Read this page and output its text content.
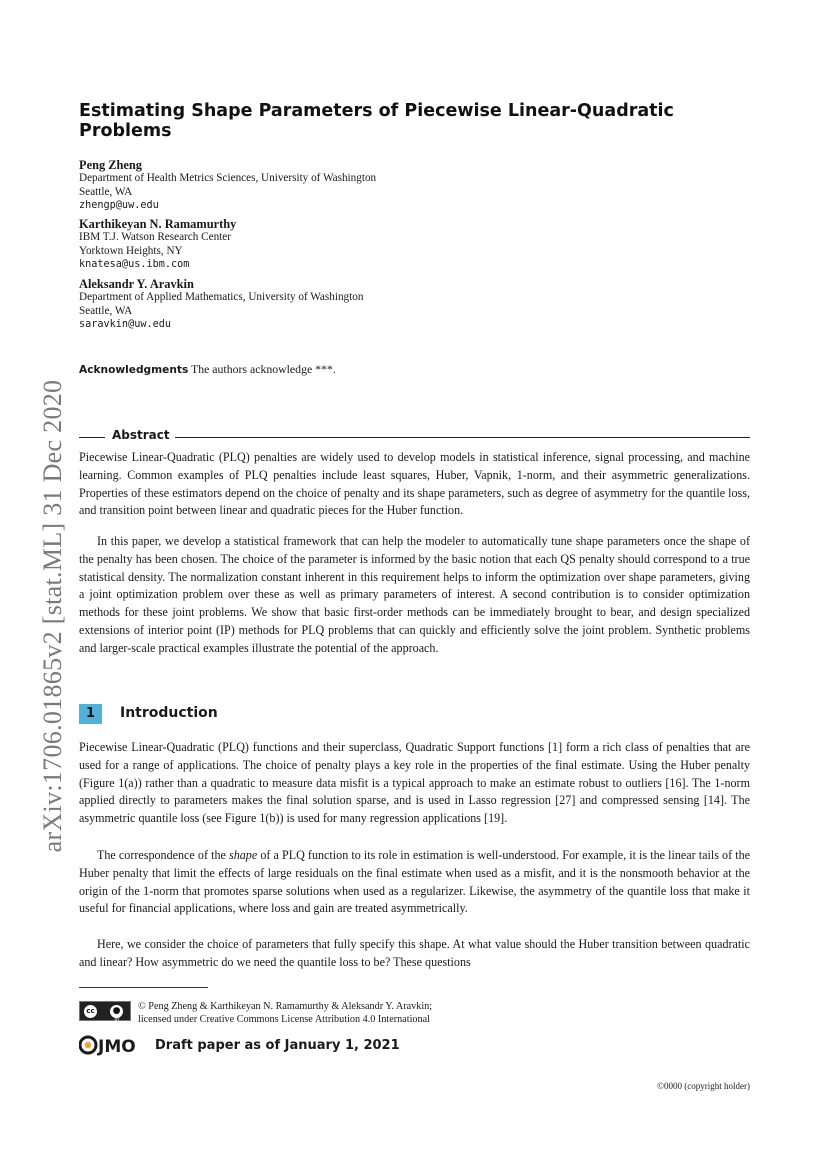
arXiv:1706.01865v2 [stat.ML] 31 Dec 2020
Estimating Shape Parameters of Piecewise Linear-Quadratic Problems
Peng Zheng
Department of Health Metrics Sciences, University of Washington
Seattle, WA
zhengp@uw.edu
Karthikeyan N. Ramamurthy
IBM T.J. Watson Research Center
Yorktown Heights, NY
knatesa@us.ibm.com
Aleksandr Y. Aravkin
Department of Applied Mathematics, University of Washington
Seattle, WA
saravkin@uw.edu
Acknowledgments The authors acknowledge ***.
Abstract
Piecewise Linear-Quadratic (PLQ) penalties are widely used to develop models in statistical inference, signal processing, and machine learning. Common examples of PLQ penalties include least squares, Huber, Vapnik, 1-norm, and their asymmetric generalizations. Properties of these estimators depend on the choice of penalty and its shape parameters, such as degree of asymmetry for the quantile loss, and transition point between linear and quadratic pieces for the Huber function.
In this paper, we develop a statistical framework that can help the modeler to automatically tune shape parameters once the shape of the penalty has been chosen. The choice of the parameter is informed by the basic notion that each QS penalty should correspond to a true statistical density. The normalization constant inherent in this requirement helps to inform the optimization over shape parameters, giving a joint optimization problem over these as well as primary parameters of interest. A second contribution is to consider optimization methods for these joint problems. We show that basic first-order methods can be immediately brought to bear, and design specialized extensions of interior point (IP) methods for PLQ problems that can quickly and efficiently solve the joint problem. Synthetic problems and larger-scale practical examples illustrate the potential of the approach.
1	Introduction
Piecewise Linear-Quadratic (PLQ) functions and their superclass, Quadratic Support functions [1] form a rich class of penalties that are used for a range of applications. The choice of penalty plays a key role in the properties of the final estimate. Using the Huber penalty (Figure 1(a)) rather than a quadratic to measure data misfit is a typical approach to make an estimate robust to outliers [16]. The 1-norm applied directly to parameters makes the final solution sparse, and is used in Lasso regression [27] and compressed sensing [14]. The asymmetric quantile loss (see Figure 1(b)) is used for many regression applications [19].
The correspondence of the shape of a PLQ function to its role in estimation is well-understood. For example, it is the linear tails of the Huber penalty that limit the effects of large residuals on the final estimate when used as a misfit, and it is the nonsmooth behavior at the origin of the 1-norm that promotes sparse solutions when used as a regularizer. Likewise, the asymmetry of the quantile loss that make it useful for financial applications, where loss and gain are treated asymmetrically.
Here, we consider the choice of parameters that fully specify this shape. At what value should the Huber transition between quadratic and linear? How asymmetric do we need the quantile loss to be? These questions
cc	●
BY
© Peng Zheng & Karthikeyan N. Ramamurthy & Aleksandr Y. Aravkin;
licensed under Creative Commons License Attribution 4.0 International
JMO Draft paper as of January 1, 2021
©0000 (copyright holder)
